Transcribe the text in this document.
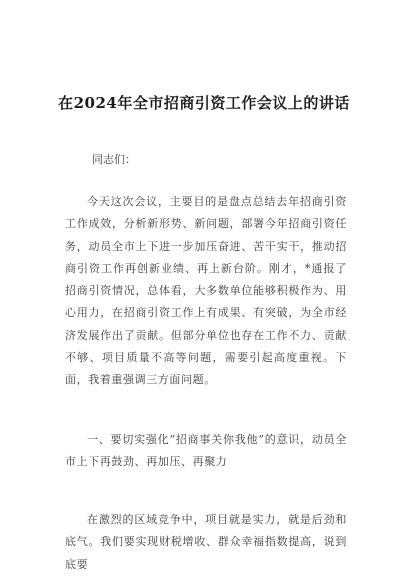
在2024年全市招商引资工作会议上的讲话
同志们：
今天这次会议，主要目的是盘点总结去年招商引资工作成效，分析新形势、新问题，部署今年招商引资任务，动员全市上下进一步加压奋进、苦干实干，推动招商引资工作再创新业绩、再上新台阶。刚才，*通报了招商引资情况，总体看，大多数单位能够积极作为、用心用力，在招商引资工作上有成果、有突破，为全市经济发展作出了贡献。但部分单位也存在工作不力、贡献不够、项目质量不高等问题，需要引起高度重视。下面，我着重强调三方面问题。
一、要切实强化“招商事关你我他”的意识，动员全市上下再鼓劲、再加压、再聚力
在激烈的区域竞争中，项目就是实力，就是后劲和底气。我们要实现财税增收、群众幸福指数提高，说到底要
